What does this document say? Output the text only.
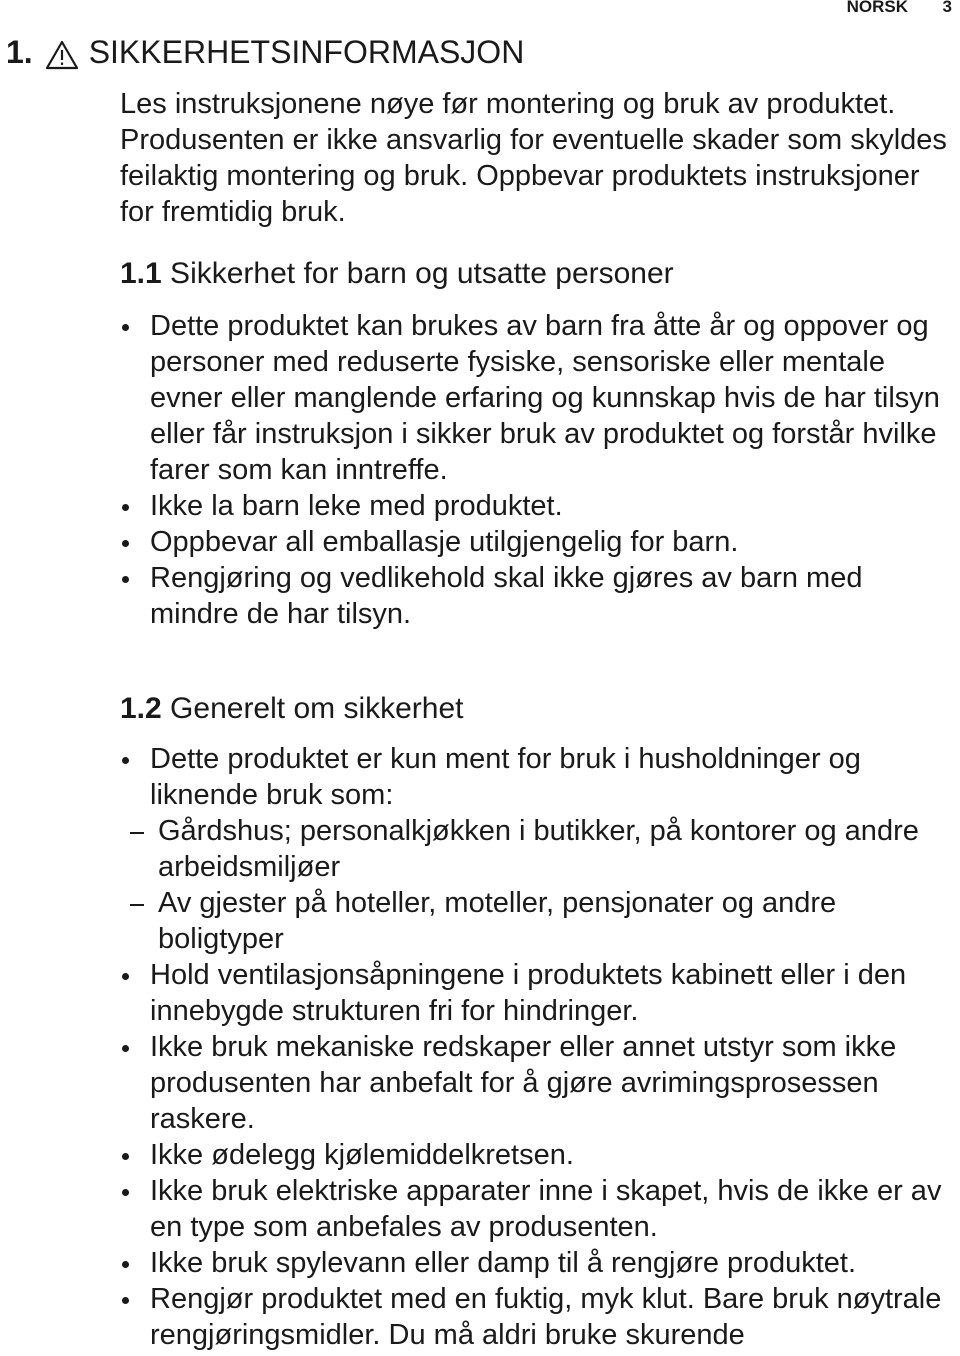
NORSK 3
1. SIKKERHETSINFORMASJON

Les instruksjonene nøye før montering og bruk av produktet. Produsenten er ikke ansvarlig for eventuelle skader som skyldes feilaktig montering og bruk. Oppbevar produktets instruksjoner for fremtidig bruk.

1.1 Sikkerhet for barn og utsatte personer
Dette produktet kan brukes av barn fra åtte år og oppover og personer med reduserte fysiske, sensoriske eller mentale evner eller manglende erfaring og kunnskap hvis de har tilsyn eller får instruksjon i sikker bruk av produktet og forstår hvilke farer som kan inntreffe.
Ikke la barn leke med produktet.
Oppbevar all emballasje utilgjengelig for barn.
Rengjøring og vedlikehold skal ikke gjøres av barn med mindre de har tilsyn.
1.2 Generelt om sikkerhet
Dette produktet er kun ment for bruk i husholdninger og liknende bruk som:
Gårdshus; personalkjøkken i butikker, på kontorer og andre arbeidsmiljøer
Av gjester på hoteller, moteller, pensjonater og andre boligtyper
Hold ventilasjonsåpningene i produktets kabinett eller i den innebygde strukturen fri for hindringer.
Ikke bruk mekaniske redskaper eller annet utstyr som ikke produsenten har anbefalt for å gjøre avrimingsprosessen raskere.
Ikke ødelegg kjølemiddelkretsen.
Ikke bruk elektriske apparater inne i skapet, hvis de ikke er av en type som anbefales av produsenten.
Ikke bruk spylevann eller damp til å rengjøre produktet.
Rengjør produktet med en fuktig, myk klut. Bare bruk nøytrale rengjøringsmidler. Du må aldri bruke skurende
